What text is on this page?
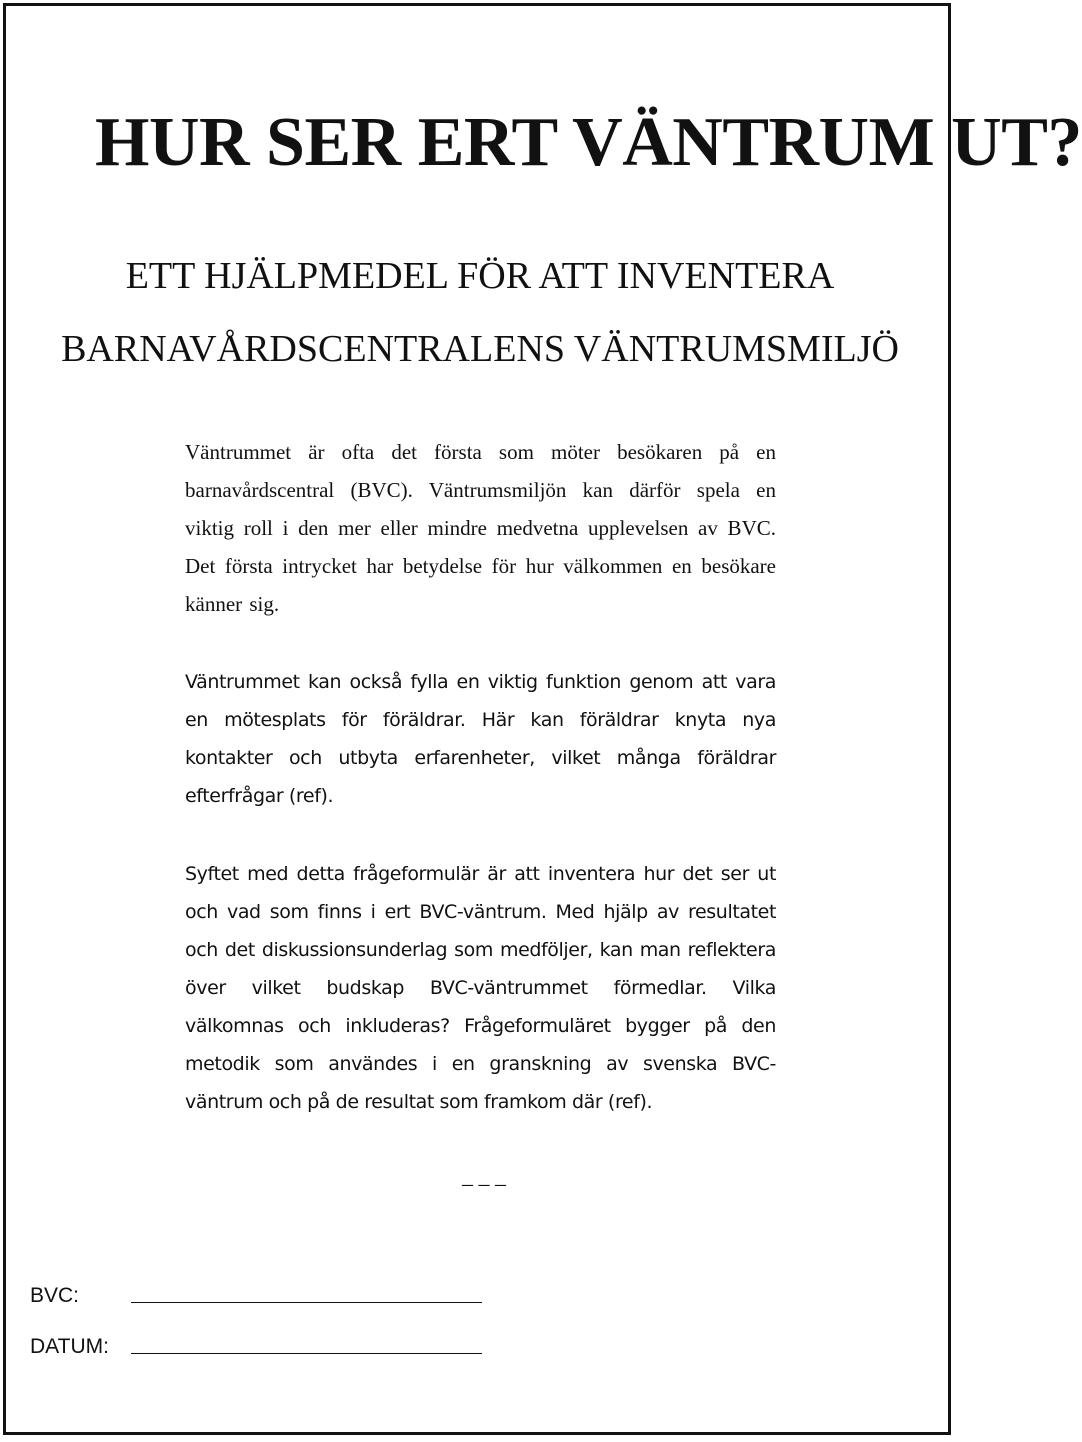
HUR SER ERT VÄNTRUM UT?
ETT HJÄLPMEDEL FÖR ATT INVENTERA
BARNAVÅRDSCENTRALENS VÄNTRUMSMILJÖ

Väntrummet är ofta det första som möter besökaren på en barnavårdscentral (BVC). Väntrumsmiljön kan därför spela en viktig roll i den mer eller mindre medvetna upplevelsen av BVC. Det första intrycket har betydelse för hur välkommen en besökare känner sig.

Väntrummet kan också fylla en viktig funktion genom att vara en mötesplats för föräldrar. Här kan föräldrar knyta nya kontakter och utbyta erfarenheter, vilket många föräldrar efterfrågar (ref).

Syftet med detta frågeformulär är att inventera hur det ser ut och vad som finns i ert BVC-väntrum. Med hjälp av resultatet och det diskussionsunderlag som medföljer, kan man reflektera över vilket budskap BVC-väntrummet förmedlar. Vilka välkomnas och inkluderas? Frågeformuläret bygger på den metodik som användes i en granskning av svenska BVC-väntrum och på de resultat som framkom där (ref).

_ _ _
BVC:
DATUM:
